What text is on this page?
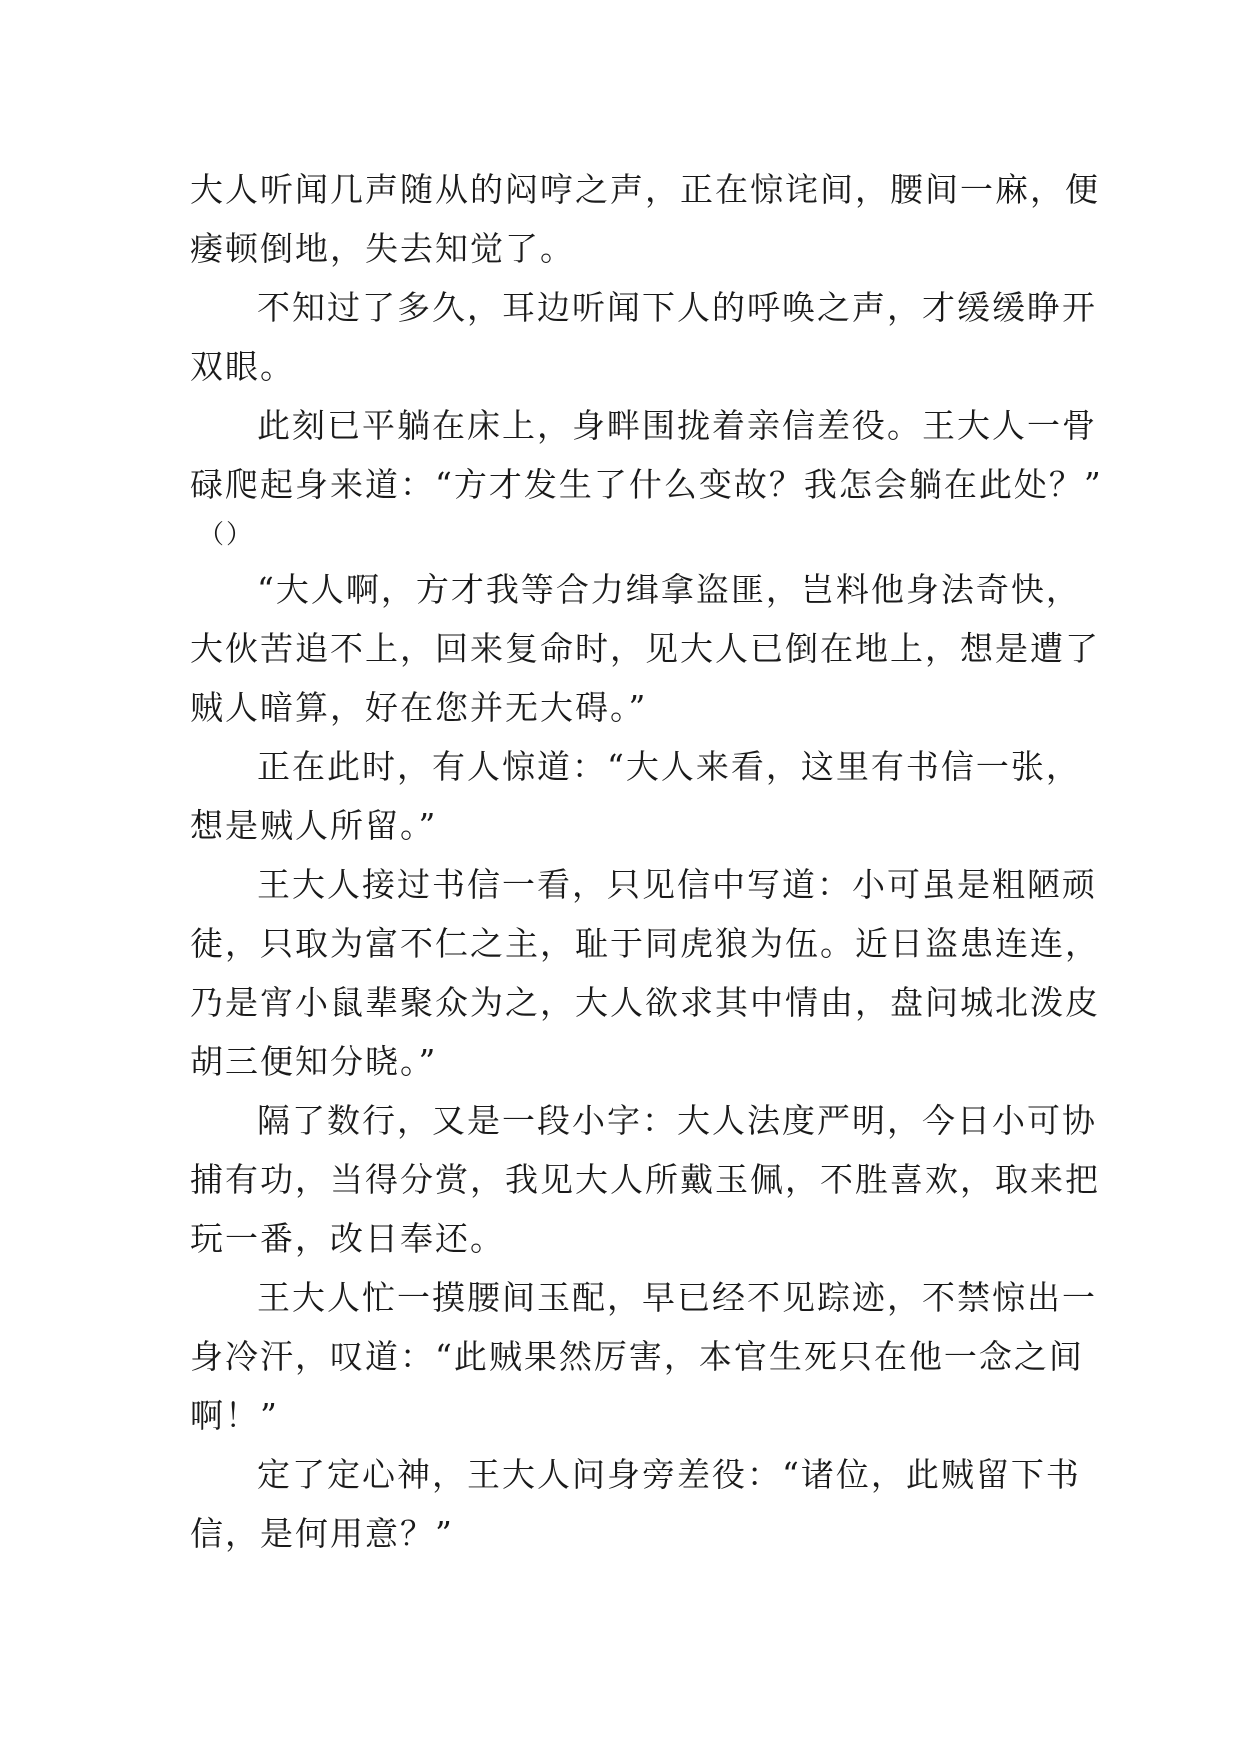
大人听闻几声随从的闷哼之声，正在惊诧间，腰间一麻，便
痿顿倒地，失去知觉了。
不知过了多久，耳边听闻下人的呼唤之声，才缓缓睁开
双眼。
此刻已平躺在床上，身畔围拢着亲信差役。王大人一骨
碌爬起身来道：“方才发生了什么变故？我怎会躺在此处？”
（）
“大人啊，方才我等合力缉拿盗匪，岂料他身法奇快，
大伙苦追不上，回来复命时，见大人已倒在地上，想是遭了
贼人暗算，好在您并无大碍。”
正在此时，有人惊道：“大人来看，这里有书信一张，
想是贼人所留。”
王大人接过书信一看，只见信中写道：小可虽是粗陋顽
徒，只取为富不仁之主，耻于同虎狼为伍。近日盗患连连，
乃是宵小鼠辈聚众为之，大人欲求其中情由，盘问城北泼皮
胡三便知分晓。”
隔了数行，又是一段小字：大人法度严明，今日小可协
捕有功，当得分赏，我见大人所戴玉佩，不胜喜欢，取来把
玩一番，改日奉还。
王大人忙一摸腰间玉配，早已经不见踪迹，不禁惊出一
身冷汗，叹道：“此贼果然厉害，本官生死只在他一念之间
啊！”
定了定心神，王大人问身旁差役：“诸位，此贼留下书
信，是何用意？”
